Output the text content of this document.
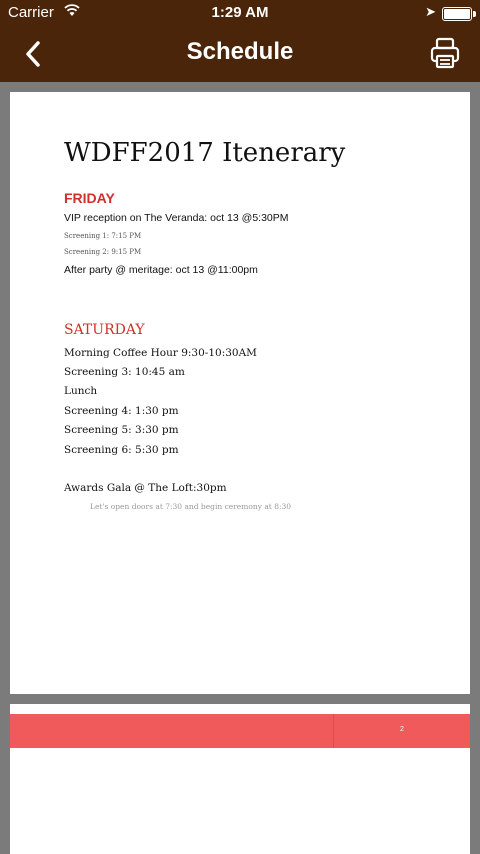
Carrier	1:29 AM	➤
Schedule
WDFF2017 Itenerary
FRIDAY
VIP reception on The Veranda: oct 13 @5:30PM
Screening 1: 7:15 PM
Screening 2: 9:15 PM
After party @ meritage: oct 13 @11:00pm
SATURDAY
Morning Coffee Hour 9:30-10:30AM
Screening 3: 10:45 am
Lunch
Screening 4: 1:30 pm
Screening 5: 3:30 pm
Screening 6: 5:30 pm
Awards Gala @ The Loft:30pm
Let's open doors at 7:30 and begin ceremony at 8:30
2
